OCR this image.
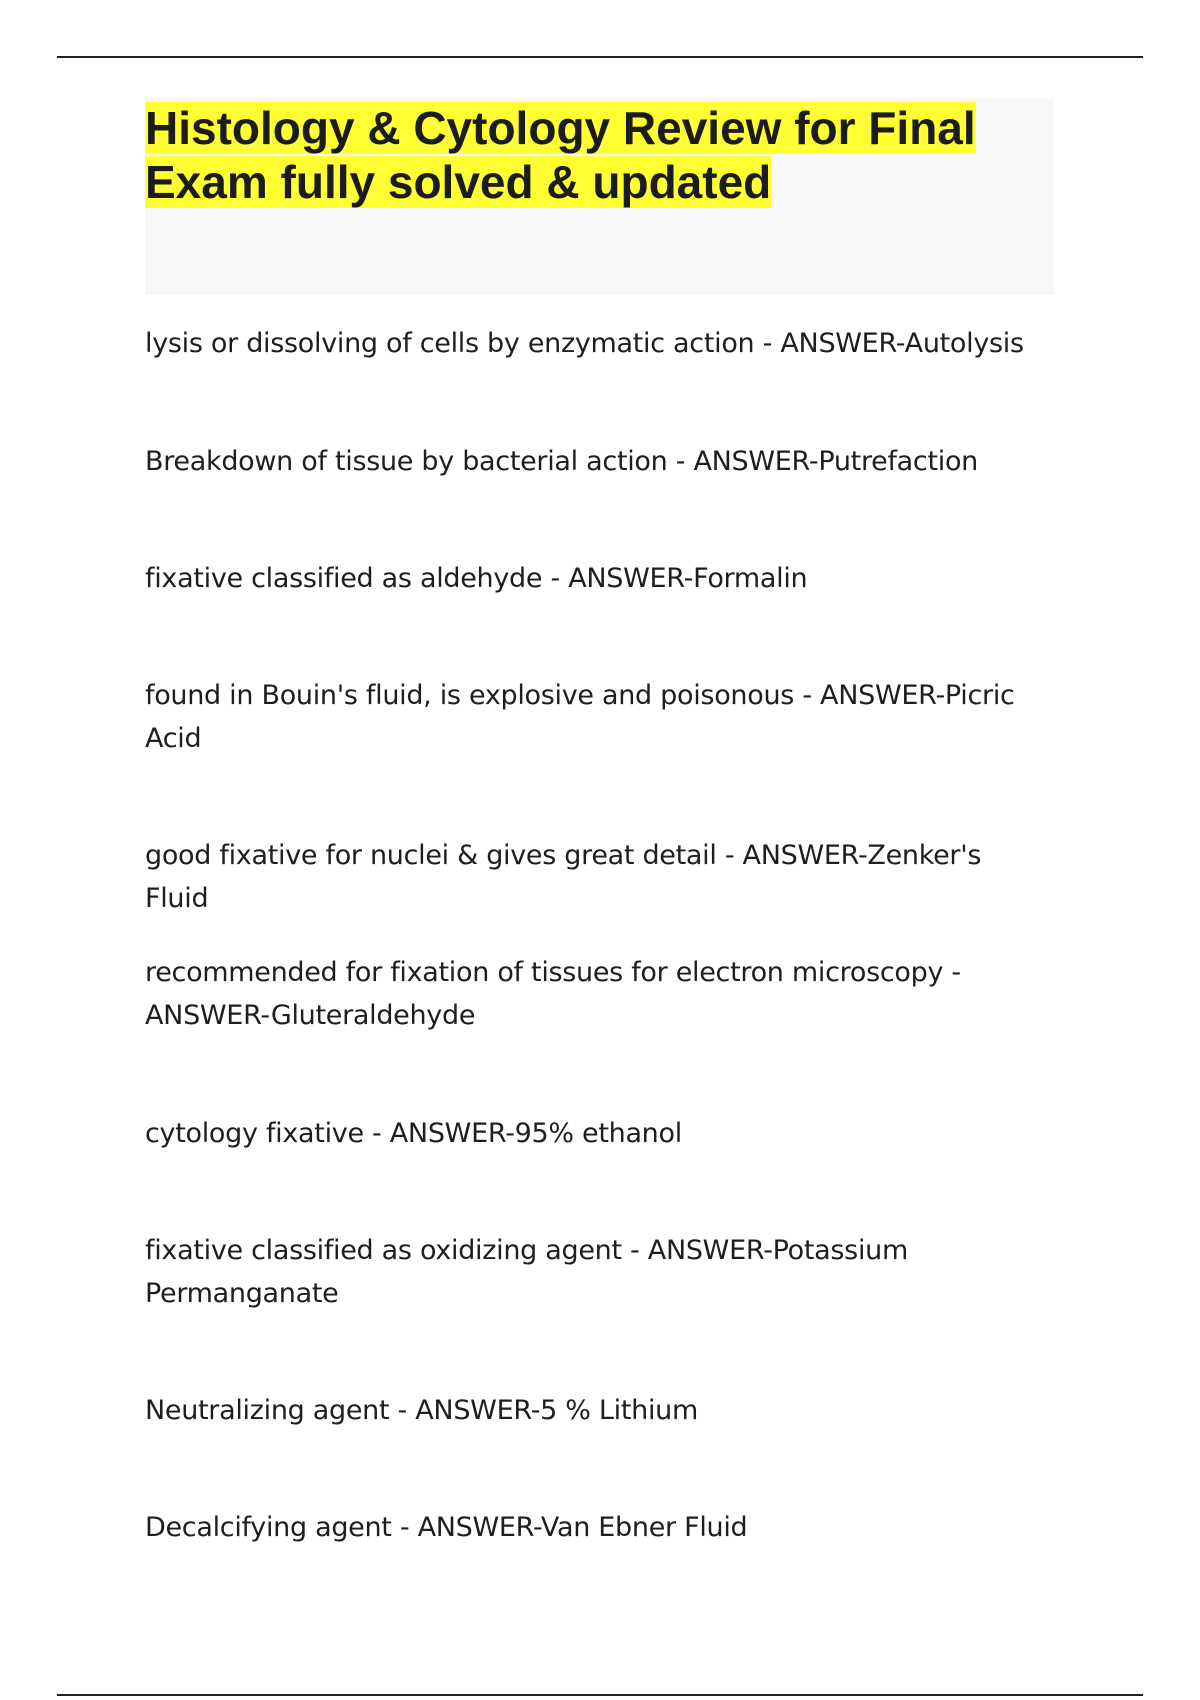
Histology & Cytology Review for Final Exam fully solved & updated

lysis or dissolving of cells by enzymatic action - ANSWER-Autolysis

Breakdown of tissue by bacterial action - ANSWER-Putrefaction

fixative classified as aldehyde - ANSWER-Formalin

found in Bouin's fluid, is explosive and poisonous - ANSWER-Picric Acid

good fixative for nuclei & gives great detail - ANSWER-Zenker's Fluid

recommended for fixation of tissues for electron microscopy - ANSWER-Gluteraldehyde

cytology fixative - ANSWER-95% ethanol

fixative classified as oxidizing agent - ANSWER-Potassium Permanganate

Neutralizing agent - ANSWER-5 % Lithium

Decalcifying agent - ANSWER-Van Ebner Fluid
